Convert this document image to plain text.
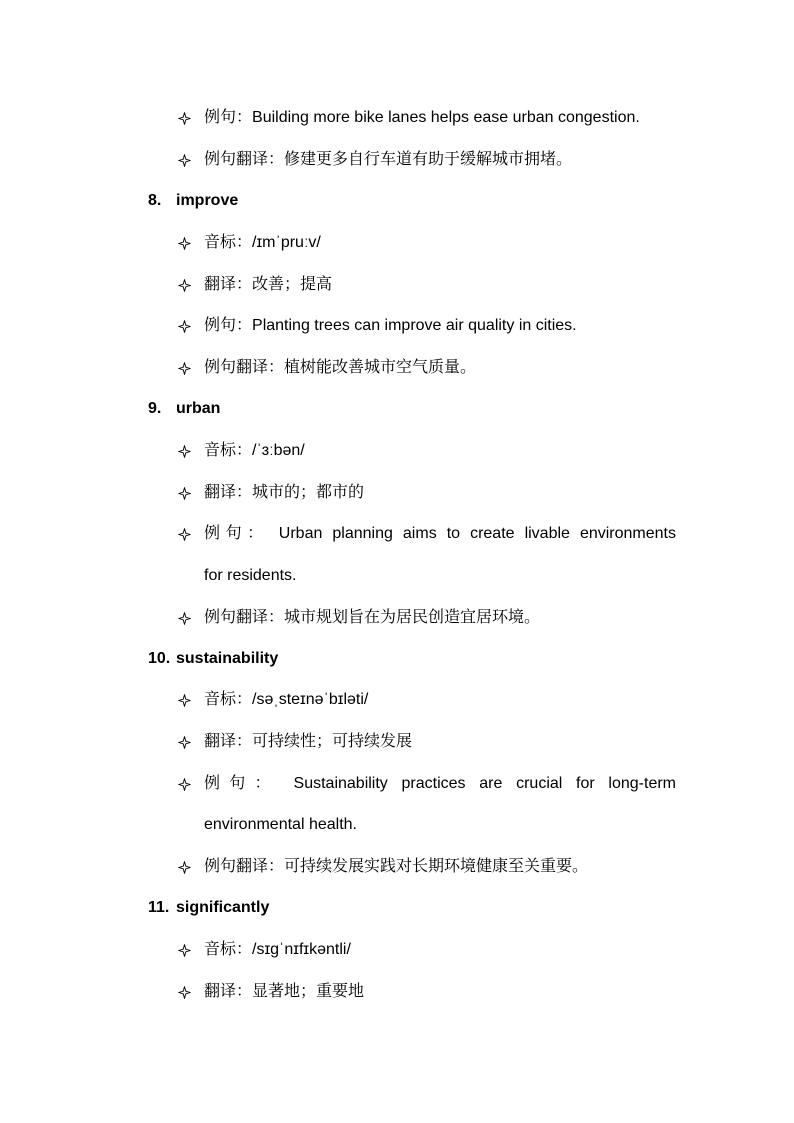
例句：Building more bike lanes helps ease urban congestion.
例句翻译：修建更多自行车道有助于缓解城市拥堵。
8. improve
音标：/ɪmˈpruːv/
翻译：改善；提高
例句：Planting trees can improve air quality in cities.
例句翻译：植树能改善城市空气质量。
9. urban
音标：/ˈɜːbən/
翻译：城市的；都市的
例句： Urban planning aims to create livable environments
for residents.
例句翻译：城市规划旨在为居民创造宜居环境。
10. sustainability
音标：/səˌsteɪnəˈbɪləti/
翻译：可持续性；可持续发展
例句： Sustainability practices are crucial for long-term
environmental health.
例句翻译：可持续发展实践对长期环境健康至关重要。
11. significantly
音标：/sɪɡˈnɪfɪkəntli/
翻译：显著地；重要地
